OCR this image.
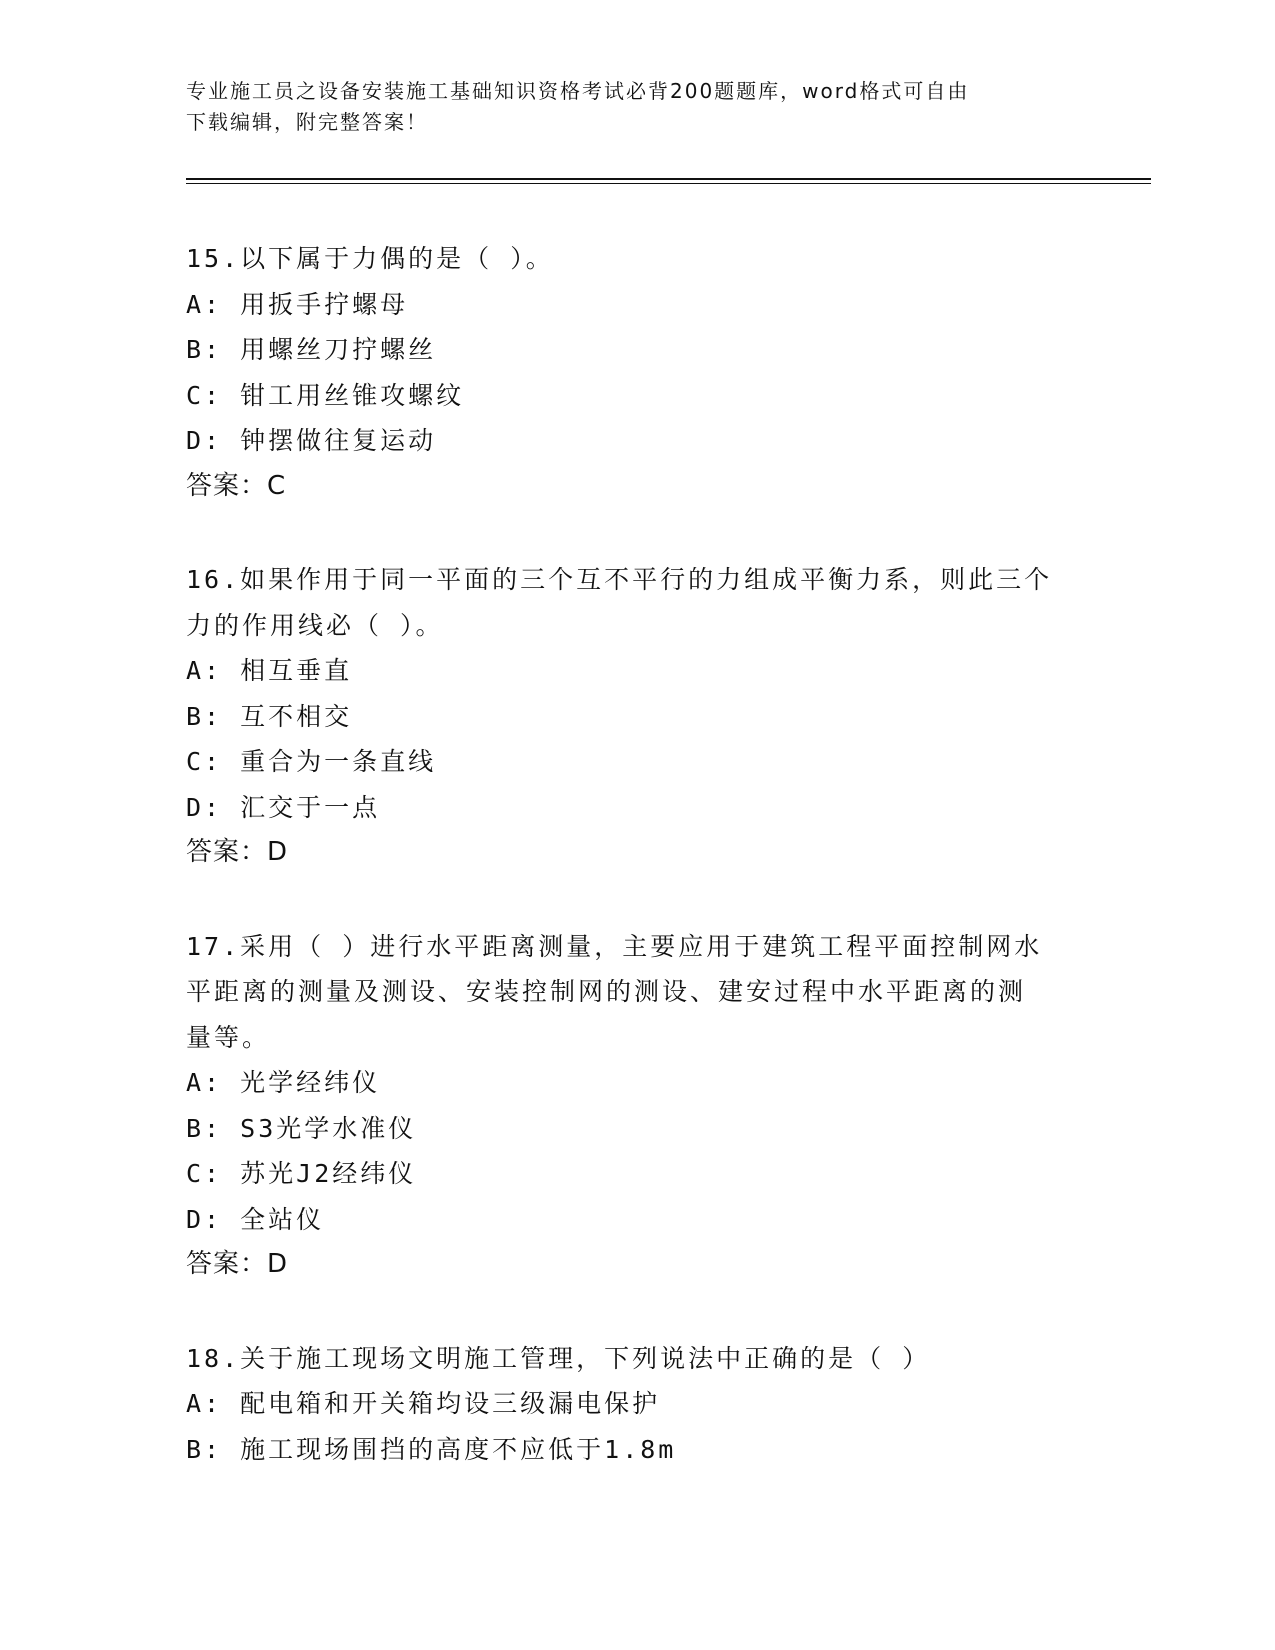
专业施工员之设备安装施工基础知识资格考试必背200题题库，word格式可自由
下载编辑，附完整答案！
15.以下属于力偶的是（ ）。
A: 用扳手拧螺母
B: 用螺丝刀拧螺丝
C: 钳工用丝锥攻螺纹
D: 钟摆做往复运动
答案：C
16.如果作用于同一平面的三个互不平行的力组成平衡力系，则此三个
力的作用线必（ ）。
A: 相互垂直
B: 互不相交
C: 重合为一条直线
D: 汇交于一点
答案：D
17.采用（ ）进行水平距离测量，主要应用于建筑工程平面控制网水
平距离的测量及测设、安装控制网的测设、建安过程中水平距离的测
量等。
A: 光学经纬仪
B: S3光学水准仪
C: 苏光J2经纬仪
D: 全站仪
答案：D
18.关于施工现场文明施工管理，下列说法中正确的是（ ）
A: 配电箱和开关箱均设三级漏电保护
B: 施工现场围挡的高度不应低于1.8m
